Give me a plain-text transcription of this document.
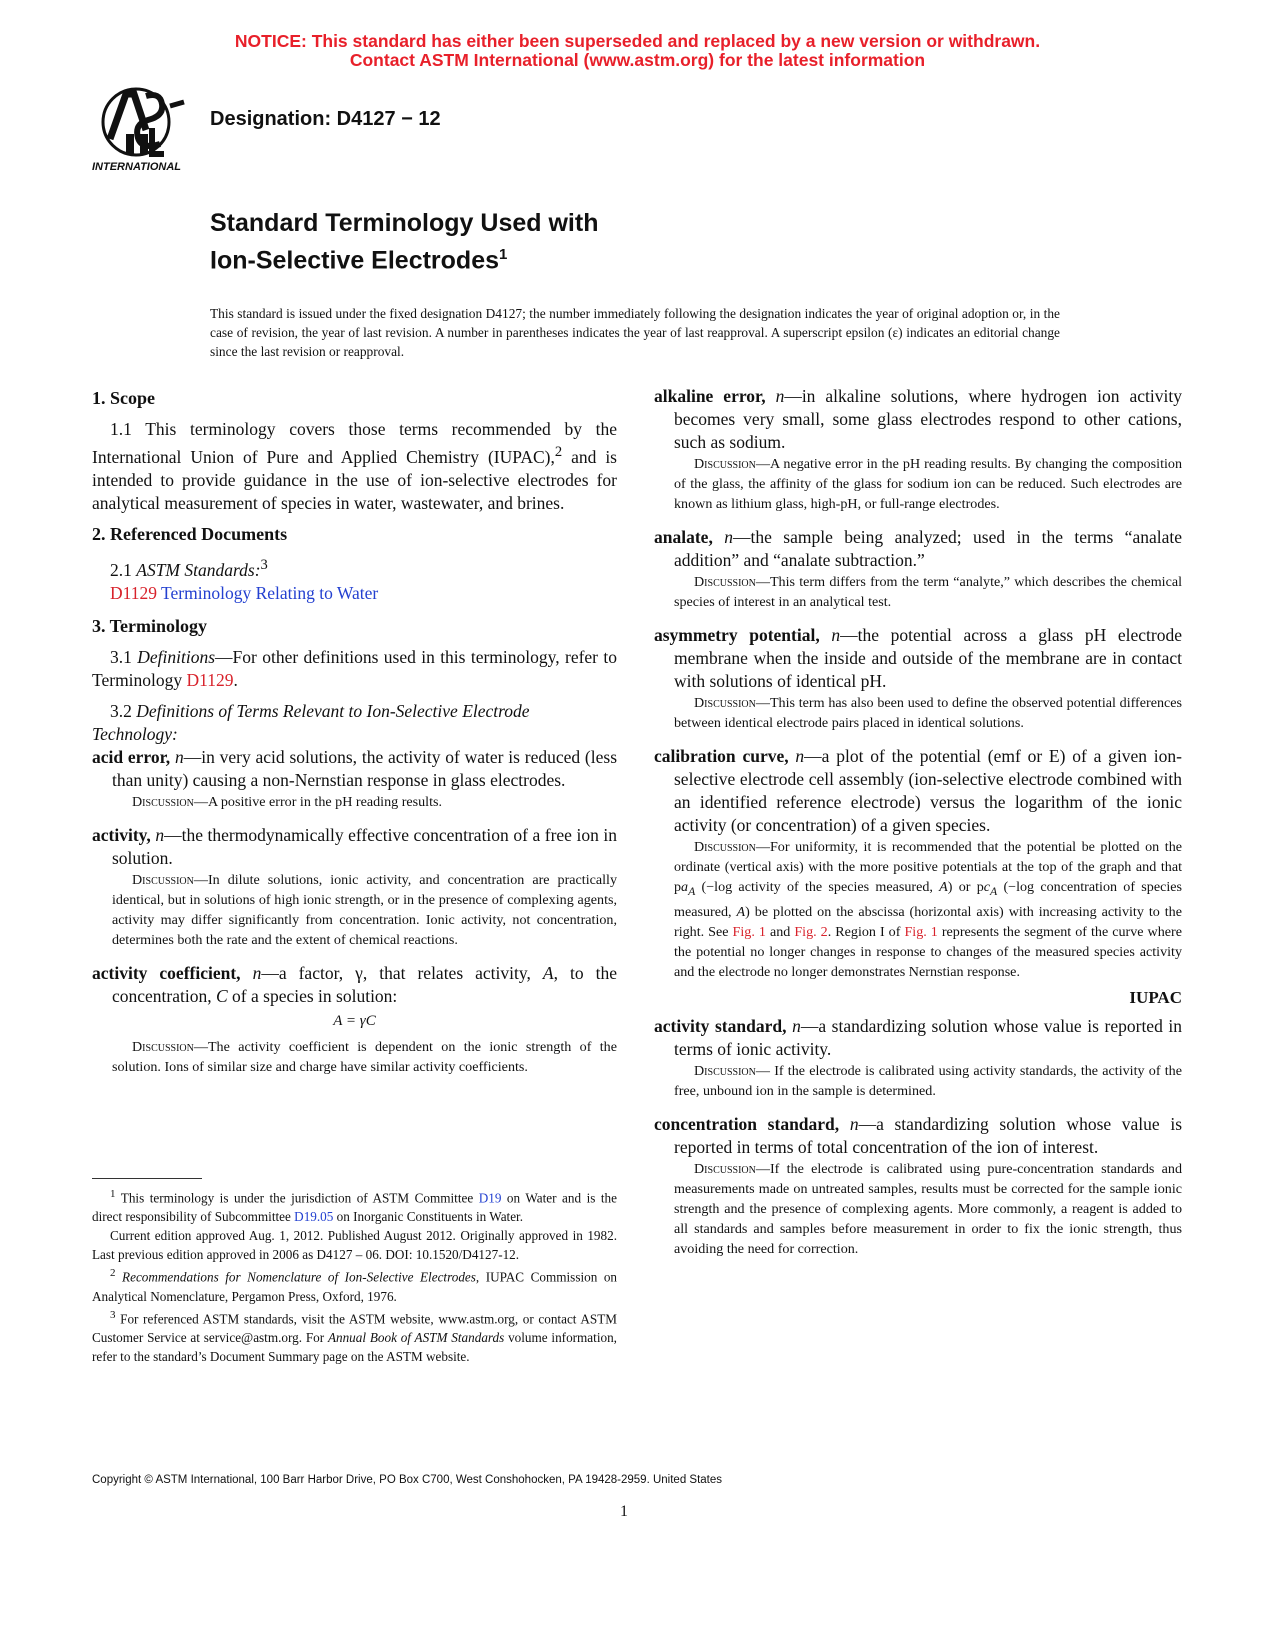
NOTICE: This standard has either been superseded and replaced by a new version or withdrawn.
Contact ASTM International (www.astm.org) for the latest information
INTERNATIONAL
Designation: D4127 − 12
Standard Terminology Used with
Ion-Selective Electrodes$^1$
This standard is issued under the fixed designation D4127; the number immediately following the designation indicates the year of original adoption or, in the case of revision, the year of last revision. A number in parentheses indicates the year of last reapproval. A superscript epsilon (ε) indicates an editorial change since the last revision or reapproval.

1. Scope

1.1 This terminology covers those terms recommended by the International Union of Pure and Applied Chemistry (IUPAC),$^2$ and is intended to provide guidance in the use of ion-selective electrodes for analytical measurement of species in water, wastewater, and brines.

2. Referenced Documents

2.1 ASTM Standards:$^3$

D1129 Terminology Relating to Water

3. Terminology

3.1 Definitions—For other definitions used in this terminology, refer to Terminology D1129.

3.2 Definitions of Terms Relevant to Ion-Selective Electrode Technology:

acid error, n—in very acid solutions, the activity of water is reduced (less than unity) causing a non-Nernstian response in glass electrodes.

Discussion—A positive error in the pH reading results.

activity, n—the thermodynamically effective concentration of a free ion in solution.

Discussion—In dilute solutions, ionic activity, and concentration are practically identical, but in solutions of high ionic strength, or in the presence of complexing agents, activity may differ significantly from concentration. Ionic activity, not concentration, determines both the rate and the extent of chemical reactions.

activity coefficient, n—a factor, γ, that relates activity, A, to the concentration, C of a species in solution:

A = γC

Discussion—The activity coefficient is dependent on the ionic strength of the solution. Ions of similar size and charge have similar activity coefficients.

alkaline error, n—in alkaline solutions, where hydrogen ion activity becomes very small, some glass electrodes respond to other cations, such as sodium.

Discussion—A negative error in the pH reading results. By changing the composition of the glass, the affinity of the glass for sodium ion can be reduced. Such electrodes are known as lithium glass, high-pH, or full-range electrodes.

analate, n—the sample being analyzed; used in the terms “analate addition” and “analate subtraction.”

Discussion—This term differs from the term “analyte,” which describes the chemical species of interest in an analytical test.

asymmetry potential, n—the potential across a glass pH electrode membrane when the inside and outside of the membrane are in contact with solutions of identical pH.

Discussion—This term has also been used to define the observed potential differences between identical electrode pairs placed in identical solutions.

calibration curve, n—a plot of the potential (emf or E) of a given ion-selective electrode cell assembly (ion-selective electrode combined with an identified reference electrode) versus the logarithm of the ionic activity (or concentration) of a given species.

Discussion—For uniformity, it is recommended that the potential be plotted on the ordinate (vertical axis) with the more positive potentials at the top of the graph and that $pa_A$ (−log activity of the species measured, A) or $pc_A$ (−log concentration of species measured, A) be plotted on the abscissa (horizontal axis) with increasing activity to the right. See Fig. 1 and Fig. 2. Region I of Fig. 1 represents the segment of the curve where the potential no longer changes in response to changes of the measured species activity and the electrode no longer demonstrates Nernstian response.

IUPAC

activity standard, n—a standardizing solution whose value is reported in terms of ionic activity.

Discussion— If the electrode is calibrated using activity standards, the activity of the free, unbound ion in the sample is determined.

concentration standard, n—a standardizing solution whose value is reported in terms of total concentration of the ion of interest.

Discussion—If the electrode is calibrated using pure-concentration standards and measurements made on untreated samples, results must be corrected for the sample ionic strength and the presence of complexing agents. More commonly, a reagent is added to all standards and samples before measurement in order to fix the ionic strength, thus avoiding the need for correction.

$^1$ This terminology is under the jurisdiction of ASTM Committee D19 on Water and is the direct responsibility of Subcommittee D19.05 on Inorganic Constituents in Water.

Current edition approved Aug. 1, 2012. Published August 2012. Originally approved in 1982. Last previous edition approved in 2006 as D4127 – 06. DOI: 10.1520/D4127-12.

$^2$ Recommendations for Nomenclature of Ion-Selective Electrodes, IUPAC Commission on Analytical Nomenclature, Pergamon Press, Oxford, 1976.

$^3$ For referenced ASTM standards, visit the ASTM website, www.astm.org, or contact ASTM Customer Service at service@astm.org. For Annual Book of ASTM Standards volume information, refer to the standard’s Document Summary page on the ASTM website.

Copyright © ASTM International, 100 Barr Harbor Drive, PO Box C700, West Conshohocken, PA 19428-2959. United States
1
